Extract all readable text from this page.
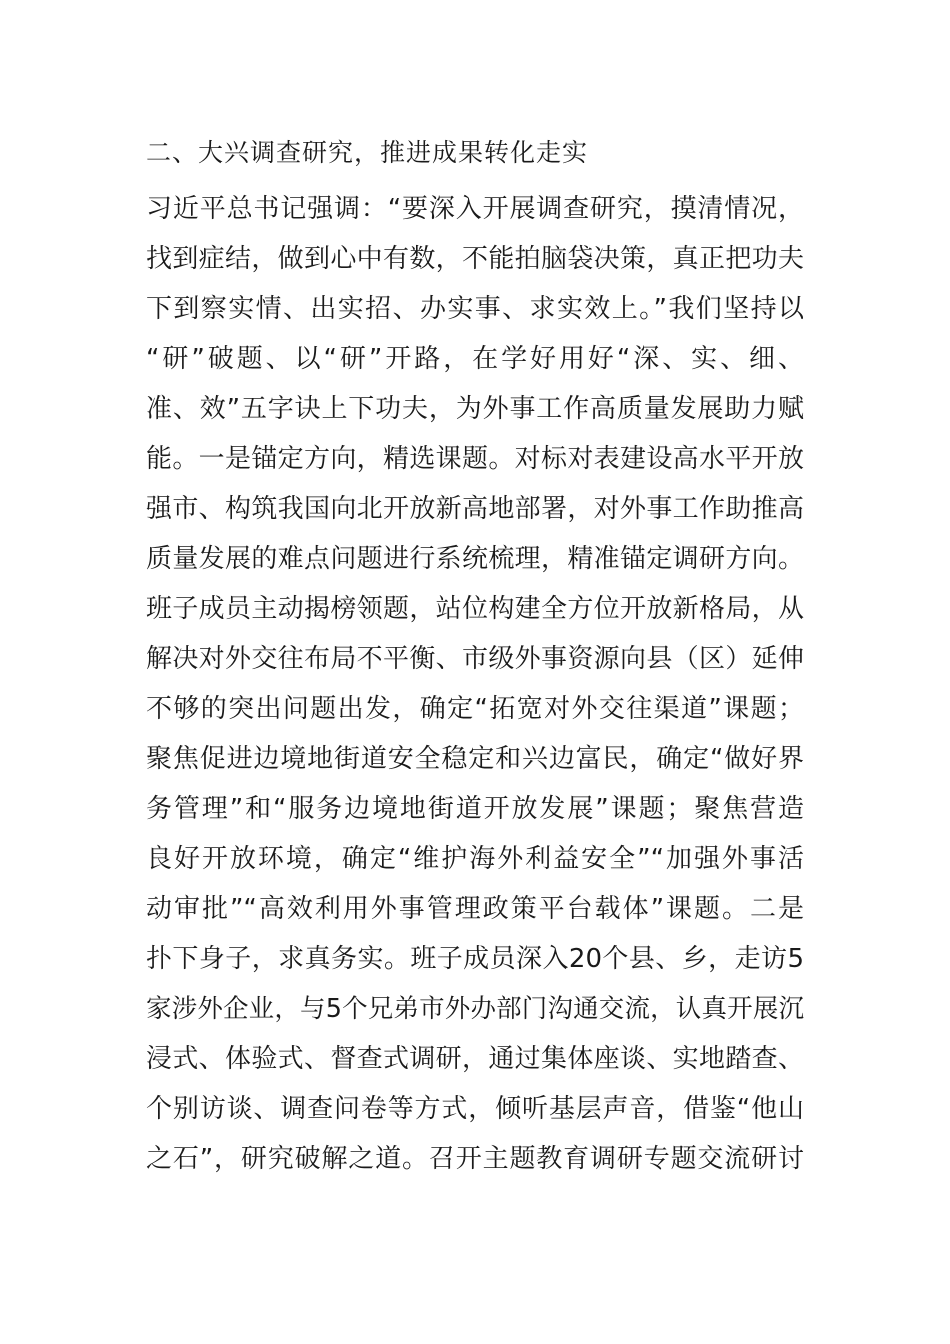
二、大兴调查研究，推进成果转化走实
习近平总书记强调：“要深入开展调查研究，摸清情况，
找到症结，做到心中有数，不能拍脑袋决策，真正把功夫
下到察实情、出实招、办实事、求实效上。”我们坚持以
“研”破题、以“研”开路，在学好用好“深、实、细、
准、效”五字诀上下功夫，为外事工作高质量发展助力赋
能。一是锚定方向，精选课题。对标对表建设高水平开放
强市、构筑我国向北开放新高地部署，对外事工作助推高
质量发展的难点问题进行系统梳理，精准锚定调研方向。
班子成员主动揭榜领题，站位构建全方位开放新格局，从
解决对外交往布局不平衡、市级外事资源向县（区）延伸
不够的突出问题出发，确定“拓宽对外交往渠道”课题；
聚焦促进边境地街道安全稳定和兴边富民，确定“做好界
务管理”和“服务边境地街道开放发展”课题；聚焦营造
良好开放环境，确定“维护海外利益安全”“加强外事活
动审批”“高效利用外事管理政策平台载体”课题。二是
扑下身子，求真务实。班子成员深入20个县、乡，走访5
家涉外企业，与5个兄弟市外办部门沟通交流，认真开展沉
浸式、体验式、督查式调研，通过集体座谈、实地踏查、
个别访谈、调查问卷等方式，倾听基层声音，借鉴“他山
之石”，研究破解之道。召开主题教育调研专题交流研讨
